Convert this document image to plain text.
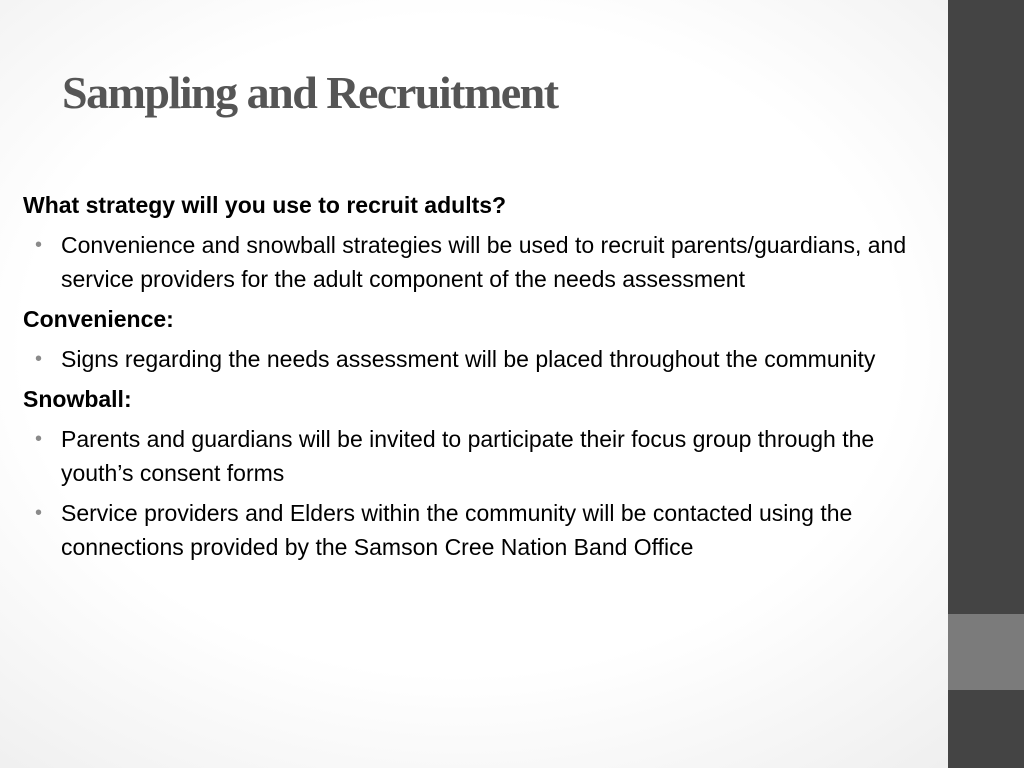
Sampling and Recruitment
What strategy will you use to recruit adults?
• Convenience and snowball strategies will be used to recruit parents/guardians, and service providers for the adult component of the needs assessment
Convenience:
• Signs regarding the needs assessment will be placed throughout the community
Snowball:
• Parents and guardians will be invited to participate their focus group through the youth’s consent forms
• Service providers and Elders within the community will be contacted using the connections provided by the Samson Cree Nation Band Office
